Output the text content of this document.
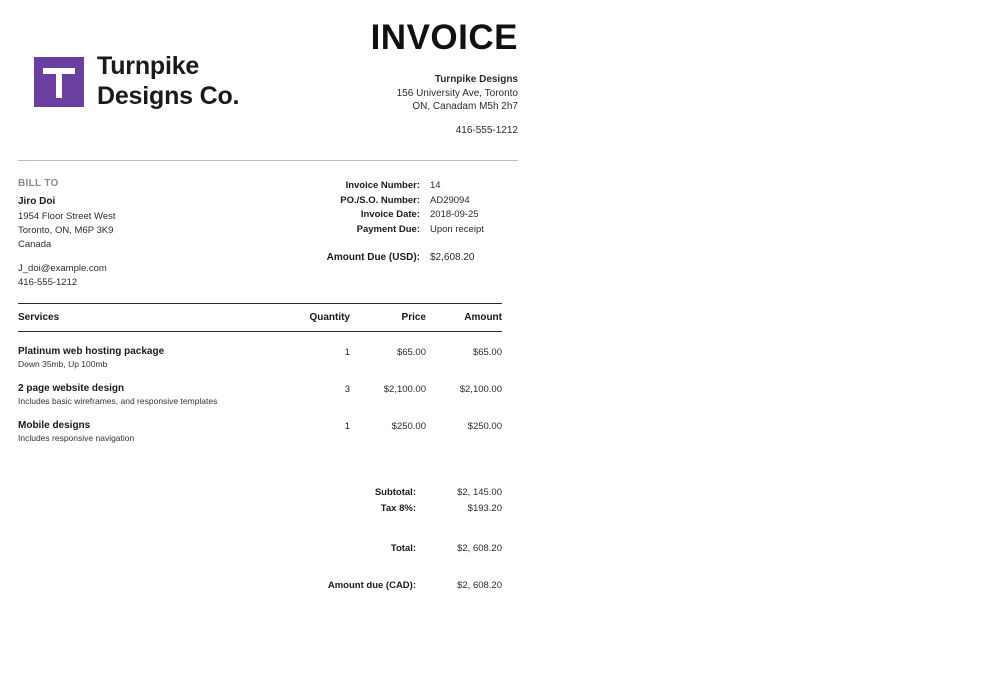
Turnpike
Designs Co.
INVOICE
Turnpike Designs
156 University Ave, Toronto
ON, Canadam M5h 2h7
416-555-1212
BILL TO
Jiro Doi
1954 Floor Street West
Toronto, ON, M6P 3K9
Canada
J_doi@example.com
416-555-1212
Invoice Number:	14
PO./S.O. Number:	AD29094
Invoice Date:	2018-09-25
Payment Due:	Upon receipt
Amount Due (USD):	$2,608.20
Services	Quantity	Price	Amount
Platinum web hosting package
Down 35mb, Up 100mb
1	$65.00	$65.00
2 page website design
Includes basic wireframes, and responsive templates
3	$2,100.00	$2,100.00
Mobile designs
Includes responsive navigation
1	$250.00	$250.00
Subtotal:	$2, 145.00
Tax 8%:	$193.20
Total:	$2, 608.20
Amount due (CAD):	$2, 608.20
